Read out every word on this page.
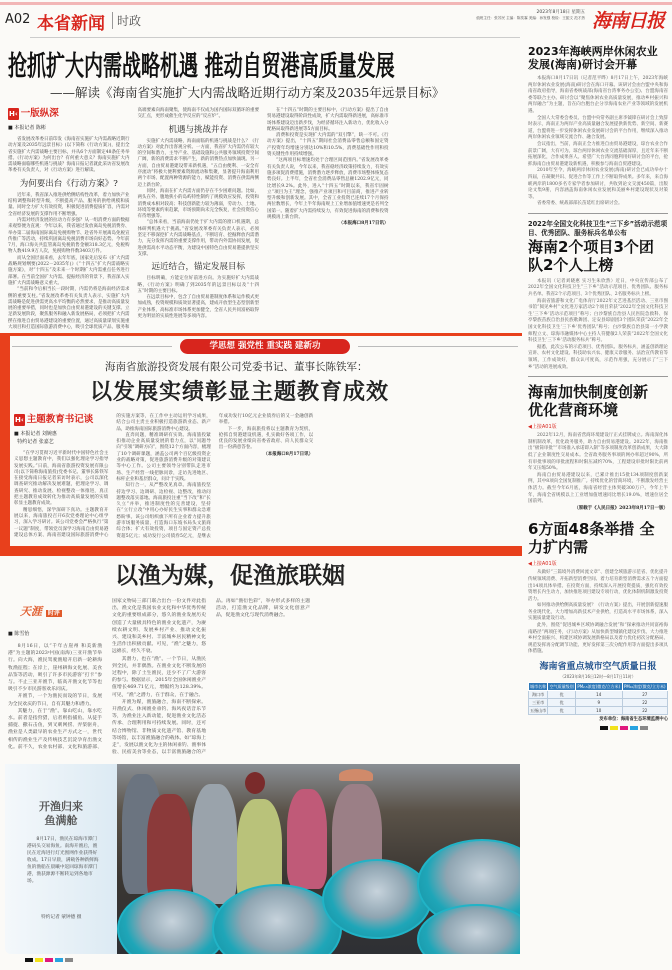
A02 本省新闻	时政
2023年8月18日 星期五
值班主任：张苏民 主编：陈奕霖 美编：孙发强 校检：王振文 范才热 海南日报
抢抓扩大内需战略机遇 推动自贸港高质量发展
——解读《海南省实施扩大内需战略近期行动方案及2035年远景目标》
H‹ 一版纵深
■ 本报记者 陈彬

省发展改革委日前印发《海南省实施扩大内需战略近期行动方案及2035年远景目标》(以下简称《行动方案》)，提出全省实施扩大内需战略主要目标，并从6个方面制定48条任务举措。《行动方案》为何出台？有何重大意义？海南实施扩大内需战略面临哪些机遇与挑战？海南日报记者就此采访省发展改革委有关负责人，对《行动方案》进行解读。

为何要出台《行动方案》?

近年来，我省深入推进供给侧结构性改革，着力加快产业结构调整和转型升级，不断提高产品、服务的供给规模和质量。同时全力扩大有效投资，积极促进消费提质扩容，内需对全省经济发展的支撑作用不断增强。

内需对经济发展的拉动力有多强？从一组消费方面的数据来观察便为直观：今年以来，我省通过发放离岛免税消费券、举办第二届海南国际离岛免税购物节、赴省外开展离岛免税宣传推广等活动，持续巩固离岛免税消费市场向好态势。今年前7月，海口海关共监管离岛免税销售金额318.3亿元，免税购物人数419.9万人次，免税购物件数3403万件。

而从全国层面来看，去年年底，国家先后发布《扩大内需战略规划纲要(2022－2035年)》《“十四五”扩大内需战略实施方案》，对“十四五”及未来一个时期扩大内需重点任务进行部署。在当前全国扩大内需、提振经济的背景下，我省深入实施扩大内需战略意义重大。

“当前和今后相当长一段时期，内需仍将是海南经济需求侧的重要支柱。”省发展改革委有关负责人表示，实施扩大内需战略是促进供需更高水平均衡的必然要求，是推动高质量发展的重要举措，同时也是加快自由贸易港建设的关键支撑。立足新发展阶段，聚焦服务和融入新发展格局，必须把扩大内需摆在推进自由贸易港建设的重要位置，通过高质量谋划实施重大项目和打造国际旅游消费中心，吸引全球优质产品、服务和高端要素向海南聚集，使海南不仅成为国内国际双循环的重要交汇点，更形成催生化学反应的“反应炉”。

机遇与挑战并存

实施扩大内需战略，海南面临的机遇与挑战是什么？《行动方案》对此作出客观分析。一方面，我省扩大内需仍有较大的空间和潜力，主导产业、基础设施和公共服务领域投资空间广阔，新的消费需求不断产生，新的消费热点加快涌现。另一方面，自由贸易港建设带来新机遇，“五自由便利、一安全有序流动”将极大便利要素资源流动和集聚，显著提升海南利用两个市场、配置两种资源的能力，赋能投资、消费在供需两侧迈上新台阶。

同时，海南在扩大内需方面仍存在不少困难问题。比如，两头在外、腹地狭小的岛屿特性制约了规模效应发挥，投资和消费成本相对较高；科技创新能力较为薄弱，劳动力、土地、环境等要素约束趋紧，市场预期尚未完全恢复，社会投资信心有待增强等。

“总体来看，当前海南仍处于扩大内需的窗口机遇期，总体研判机遇大于挑战。”省发展改革委有关负责人表示，必须坚定不移深挖扩大内需战略基点，不断培育、挖掘释放内需潜力，充分发挥内需的重要支撑作用，带动内外需协同发展，促进供需高水平动态平衡，为建设中国特色自由贸易港提供坚实支撑。

远近结合，锚定发展目标

目标明确，方能定位好前进方向。为实施好扩大内需战略，《行动方案》明确了到2035年的远景目标以及“十四五”时期的主要目标。

在远景目标中，包含了自由贸易港制度体系和运作模式更加成熟，投资规模和质效显著提高，建成开放型生态型创新型产业体系，高标准市场体系更加健全，全省人民共同富裕取得更为明显的实质性进展等多项内容。

在“十四五”时期的主要目标中，《行动方案》提出了自由贸易港建设取得阶段性成效，扩大内需取得新进展，高标准市场体系建设迈出新步伐，为经济循环注入新动力，优化收入分配格局取得新进展等5方面目标。

消费和投资是实现扩大内需的“双引擎”，缺一不可。《行动方案》提出，“十四五”期间社会消费品零售总额和固定资产投资年均增速分别达10%和10.5%，消费基础性作用和投资关键性作用持续增强。

“这两项目标增速均处于合理区间范围内。”省发展改革委有关负责人说，今年以来，我省稳经济政策持续发力，有效实施多项促消费措施，消费潜力逐步释放，消费市场整体恢复态势良好。上半年，全省社会消费品零售总额1202.9亿元，同比增长9.2%。此外，进入“十四五”时期以来，我省牢固树立“项目为王”理念，强推产业项目和可目前商，推进产业转型升级和创新发展。其中，全省工业投资已连续17个月保持两位数增长，今年上半年海南规上工业增加值增速更是名列全国第一。随着扩大内需持续发力，有效促进海南的消费和投资规模再上新台阶。

（本报海口8月17日讯）
学思想 强党性 重实践 建新功
海南省旅游投资发展有限公司党委书记、董事长陈铁军：
以发展实绩彰显主题教育成效
H‹ 主题教育书记谈
■ 本报记者 刘婉惠
特约记者 张嘉艺

“在学习贯彻习近平新时代中国特色社会主义思想主题教育中，我们以强化理论学习指导发展实践。”日前，海南省旅游投资发展有限公司(以下简称海南旅投)党委书记、董事长陈铁军在接受海南日报记者采访时表示，公司以深化调查研究推动解决发展难题，把理论学习、调查研究、推动发展、检视整改一体推进，真正把主题教育成效转化为推动高质量发展的实绩彰显主题教育成效。

精思细悟，深学深研下真功。主题教育开展以来，海南旅投召开6次党委理论中心组学习，深入学习研讨。该公司党委会严格执行“第一议题”制度，带领党员深学习海南自由贸易港建设总体方案、海南省建设国际旅游消费中心的实施方案等，在工作中主动运用学习成果，结合公司主责主业积极打造旅游新业态、新产品，助推海南国际旅游消费中心建设。

直奔问题，精准调研有实效。海南旅投紧扣推动企业高质量发展的着力点，以“问题导向”引领“调研方向”，围绕12个方面内容，梳理了10个调研课题，涵盖公司两个百亿级投资企业的战略对策，促进旅游消费升级的对策建议等中心工作。公司主要领导分别带队走进市场、生产经营一线把脉问诊，走访先进地区、标杆企业和基层群众，问计于实践。

知行合一，从严整改见真章。海南旅投坚持边学习、边调研、边检视、边整改，推动问题整改落实落地。海南旅投注重“当下改”和“长久立”并举，推进制度性的完善建设，坚持在“立行立改”中用心办好民生实事和群众急难愁盼事。该公司组织旗下所有企业着力提升旅游市场服务质量，打造海口东坡书局头文旅商综合体；扩大有效投资，项目与固定资产总投资超5亿元；成功发行公司债券5亿元，是继去年成功发行10亿元企业债券后的又一金融创新举措。

下一步，海南旅投将以主题教育为契机，抢抓自贸港建设机遇，扎实做好各项工作，以优良的发展业绩向省委省政府、向人民群众交出一份满意答卷。

（本报海口8月17日讯）
以渔为媒，促渔旅联姻
天涯 时评
■ 陈雪怡

8月16日，以“千年古崖州 和美新渔港”为主题的2023中国(南海)三亚开渔节举行。向大海，渔民驾驶渔船开启新一轮耕海牧渔征程；在岸上，崖州耕海文化展、美食品鉴等活动，吸引了许多市民游客“打卡”参与。不止三亚开渔节，临高开渔文化节等也吸引不少市民游客欢乐同庆。

开渔节，一个为渔民而设的节日，发展为全民欢庆的节日，自有其魅力和潜力。

其魅力，在于“渔”。靠山吃山，靠水吃水。前者是指狩猎，后者则指捕鱼。从徒手捕捉、撒石击鱼，到叉刺网捞、弄桨驱舟，渔业是人类最早的农业生产方式之一，世代相传的渔业生产及传统技艺沉淀孕育出渔文化。前不久，农业农村部、文化和旅游部、国家文物局三部门联合出台一份文件对此指出，渔文化是我国农业文化和中华优秀传统文化的重要组成部分，悠久的渔业发展历史创造了大量极具特色的渔业文化遗产，为赓续农耕文明、发展乡村产业、推动文化振兴、建设和美乡村、丰富城乡居民精神文化生活作出积极贡献。可见，“渔”之魅力，悠远绵长，经久不衰。

其潜力，也在“渔”。一个节日，从渔民到全民，并非偶然。在渔业文化不断发展的过程中，除了土生渔民，还少不了广大游客的参与。数据显示，2015年全国休闲渔业产值增长469.71亿元，增幅约为128.39%。可见，“渔”之潜力，在于群众，在于融合。

开渔为媒，渔旅融合，海南不断探索。开渔仪式、休闲渔业垂钓、海风夜话音乐节等，为渔业注入新动能，促进渔业文化活态传承、合理利用和可持续发展。同时，还可结合博物馆、非物质文化遗产馆、教育基地等场馆，以丰富渔旅融合的载体。如“琼海上走”，发展以渔文化为主的休闲垂钓、渔事体验、民宿美食等业态，以丰富渔旅融合的产品。再如“渔衍色彩”，举办形式多样的主题活动，打造渔文化品牌，研发文化创意产品，促进渔文化与现代消费融合。

开渔归来
鱼满舱
8月17日，渔民在琼海市潭门港码头交易海鱼。南海开渔后，渔民在近海进行灯光围网作业获得好收成。17日早晨，满载各种新鲜海鱼的渔船在晨曦中返回琼海市潭门港，渔获源源不断转运到各地市场。
特约记者 蒙钟德 摄
2023年海峡两岸休闲农业发展(海南)研讨会开幕

本报海口8月17日讯（记者范平晔）8月17日上午，2023年海峡两岸休闲农业发展(海南)研讨会在海口开幕。该研讨会由台盟中央和海南省政府指导，海南省委统战部(海南省台湾事务办公室)、台盟海南省委等联合主办。研讨会以“聚焦休闲农业高质量发展，推动乡村振兴和两岸融合”为主题，旨在向台胞台企分享海南农业产业等领域的发展机遇。

全国人大常委会委员、台盟中央常务副主席李钺锋在研讨会上致辞时表示，海南正为两岸产业高质量融合发展提供新优势、新空间、新赛道，台盟将进一步发挥休闲农业发展研讨会的平台作用，继续深入推动两岸休闲农业领域交流合作、融合发展。

会议指出，当前，海南正全力推进自由贸易港建设，琼台农业合作前景广阔，大有可为。琼台两岸休闲农业交流基础深厚，且近年来不断拓展深化，合作成果喜人。希望广大台湾同胞利用好研讨会的平台，抢抓海南自由贸易港建设新机遇，积极参与海南自贸港建设。

2010年至今，海峡两岸休闲农业发展(海南)研讨会已成功举办十四届，在凝聚共识、促进合作等工作上不断取得成果。多年来，来自海峡两岸的1800多名专家学者参加研讨，共收到论文交流450篇，出版论文集9册，内容涵盖海南休闲农业发展和美丽乡村建设现状及对策等。

省委常委、统战部部长苗延红出席研讨会。

2022年全国文化科技卫生“三下乡”活动示范项目、优秀团队、服务标兵名单公布
海南2个项目3个团队2个人上榜

本报讯（记者刘晓惠 实习生朱欣然）近日，中央宣传部公布了2022年全国文化科技卫生“三下乡”活动示范项目、优秀团队、服务标兵名单。我省2个示范项目、3个优秀团队、2名服务标兵上榜。

海南省旅游和文化广电体育厅2022年文艺进基层活动、三亚市图书馆“阅见乡村”文化进万家活动2个项目荣获“2022年全国文化科技卫生‘三下乡’活动示范项目”称号；白沙黎族自治县人民医院急救科、保亭黎族苗族自治县民族歌舞团、定安县琼剧团3个团队荣获“2022年全国文化科技卫生‘三下乡’优秀团队”称号；白沙黎族自治县第一小学教师程立文、琼海市融媒体中心主持人符健敏2人荣获“2022年全国文化科技卫生‘三下乡’活动服务标兵”称号。

据悉，此次公布的示范项目、优秀团队、服务标兵，涵盖创新理论宣讲、农村文化建设、科技助农兴农、健康义诊服务、法治宣传教育等领域，工作成效好，群众认可度高，示范作用强，充分展示了“三下乡”活动的进展成效。

海南加快制度创新 优化营商环境
◀上接A01版

2022年12月，海南省营商环境建设厅正式挂牌成立。海南深化体制机制改革，优化政务服务，助力自由贸易港建设。2022年，海南推出“极简审批”“市场准入承诺即入制”等多项制度改革创新成果，大大降低了企业制度性交易成本。全省政务服务事项的网办率超过90%，所有审批事项的审批流程和时限压减约70%，工程建设审批时限比前两年又压缩50%。

海南自由贸易港建设以来，已累计推出15批134项制度创新案例，其中8项向全国复制推广。持续优化的营商环境，不断激发经营主体活力。截至今年6月底，海南省经营主体突破300万户。今年上半年，海南全省规模以上工业增加值增速同比增长19.0%，增速位居全国前列。

（原载于《人民日报》2023年8月17日一版）
6方面48条举措 全力扩内需
◀上接A01版

从做好“三篇境外消费回流文章”、创建全域旅游示范省、优化提升传统领域消费、开拓新型消费空间、着力培育新型消费需求五个方面提出14项具体举措。在投资方面，持续深入开展投资提质，强化有效投资增长内生动力，加快推进项目建设专项行动，优化体制机制激发投资活力。

如何推动供给侧高质量发展？《行动方案》提出，开展创新提速服务业现代化，大力增加高新技术产业供给，打造高水平市场体系，深入实施质量建设行动。

此外，围绕“促进城乡区域协调融合发展”和“探索推动共同富裕海南路径”两项任务，《行动方案》从加快新型城镇化建设步伐、大力推进乡村全面振兴、构建区域协调发展新格局以及着力优化初次分配格局、规范发挥再分配调节功能、更好发挥第三次分配作用等方面提出多项具体措施。

海南省重点城市空气质量日报
（2023年8月16日12时—8月17日11时）
城市名称	空气质量级别	PM₂.₅浓度(微克/立方米)	PM₁₀浓度(微克/立方米)
海口市	优	14	27
三亚市	优	9	22
五指山市	优	10	22
发布单位：海南省生态环境监测中心
